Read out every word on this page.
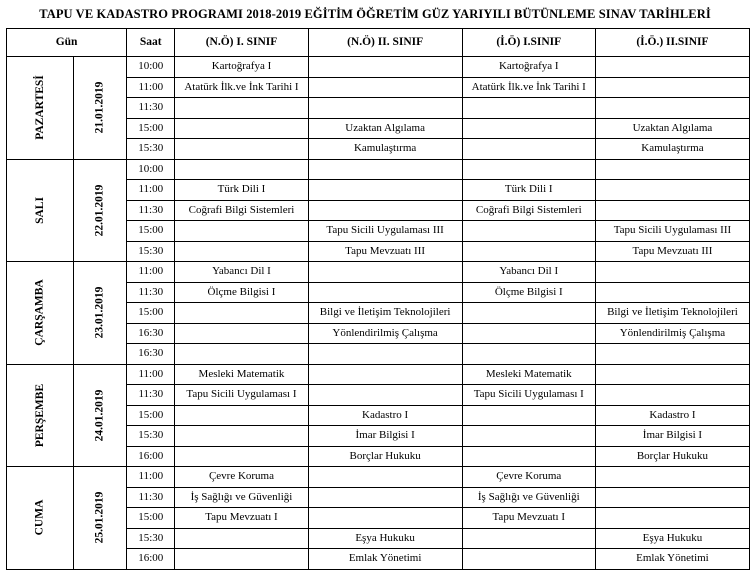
TAPU VE KADASTRO PROGRAMI 2018-2019 EĞİTİM ÖĞRETİM GÜZ YARIYILI BÜTÜNLEME SINAV TARİHLERİ
Gün		Saat	(N.Ö) I. SINIF	(N.Ö) II. SINIF	(İ.Ö) I.SINIF	(İ.Ö.) II.SINIF
PAZARTESİ	21.01.2019	10:00	Kartoğrafya I		Kartoğrafya I	
		11:00	Atatürk İlk.ve İnk Tarihi I		Atatürk İlk.ve İnk Tarihi I	
		11:30				
		15:00		Uzaktan Algılama		Uzaktan Algılama
		15:30		Kamulaştırma		Kamulaştırma
SALI	22.01.2019	10:00				
		11:00	Türk Dili I		Türk Dili I	
		11:30	Coğrafi Bilgi Sistemleri		Coğrafi Bilgi Sistemleri	
		15:00		Tapu Sicili Uygulaması III		Tapu Sicili Uygulaması III
		15:30		Tapu Mevzuatı III		Tapu Mevzuatı III
ÇARŞAMBA	23.01.2019	11:00	Yabancı Dil I		Yabancı Dil I	
		11:30	Ölçme Bilgisi I		Ölçme Bilgisi I	
		15:00		Bilgi ve İletişim Teknolojileri		Bilgi ve İletişim Teknolojileri
		16:30		Yönlendirilmiş Çalışma		Yönlendirilmiş Çalışma
		16:30				
PERŞEMBE	24.01.2019	11:00	Mesleki Matematik		Mesleki Matematik	
		11:30	Tapu Sicili Uygulaması I		Tapu Sicili Uygulaması I	
		15:00		Kadastro I		Kadastro I
		15:30		İmar Bilgisi I		İmar Bilgisi I
		16:00		Borçlar Hukuku		Borçlar Hukuku
CUMA	25.01.2019	11:00	Çevre Koruma		Çevre Koruma	
		11:30	İş Sağlığı ve Güvenliği		İş Sağlığı ve Güvenliği	
		15:00	Tapu Mevzuatı I		Tapu Mevzuatı I	
		15:30		Eşya Hukuku		Eşya Hukuku
		16:00		Emlak Yönetimi		Emlak Yönetimi
